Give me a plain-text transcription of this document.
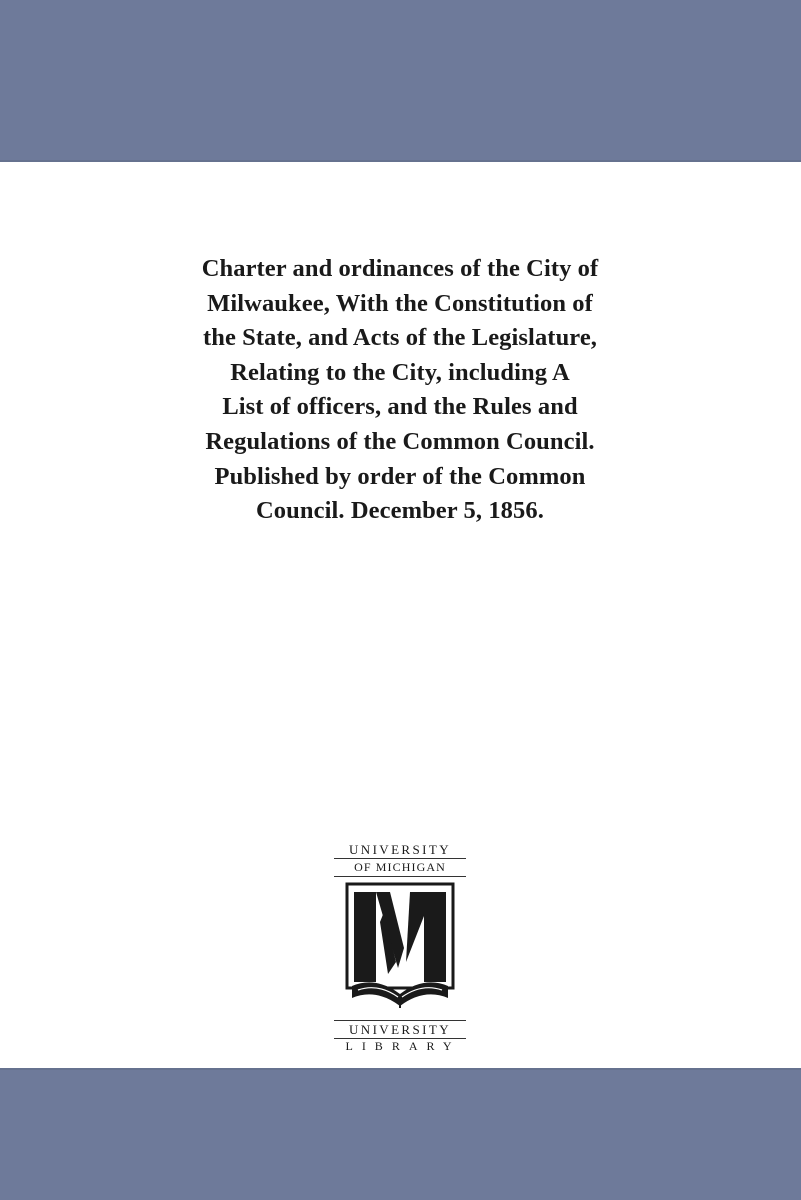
Charter and ordinances of the City of
Milwaukee, With the Constitution of
the State, and Acts of the Legislature,
Relating to the City, including A
List of officers, and the Rules and
Regulations of the Common Council.
Published by order of the Common
Council. December 5, 1856.
UNIVERSITY
OF MICHIGAN
UNIVERSITY
LIBRARY
